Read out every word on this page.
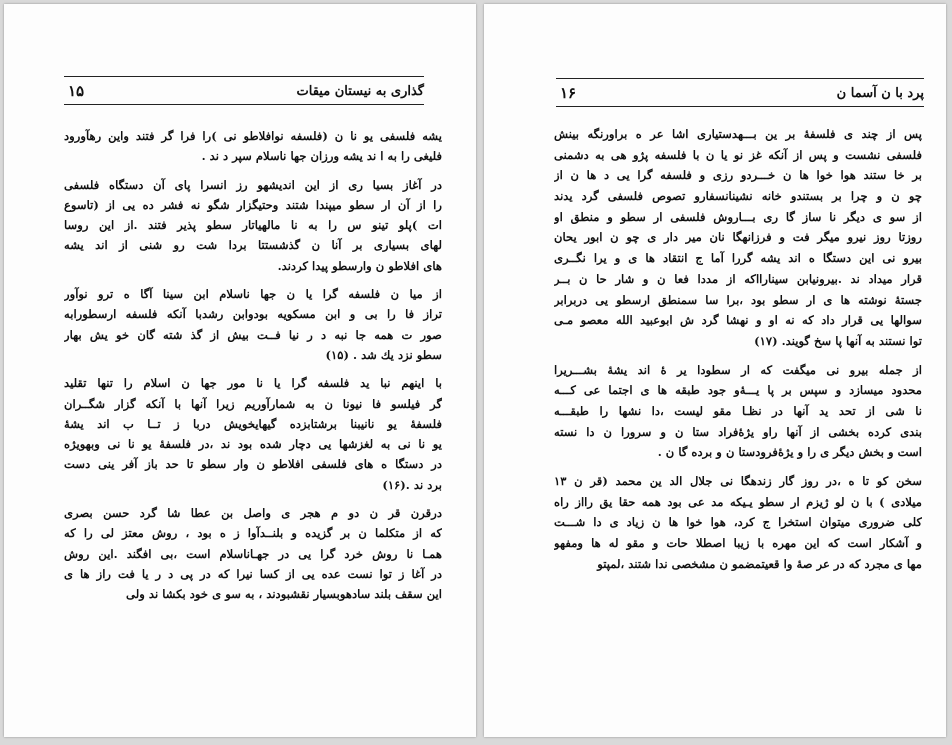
گذاری به نیستان میقات
۱۵
یشه فلسفی یو نا ن (فلسفه نوافلاطو نی )را فرا گر فتند واین رهآورود
فلیغی را به ا ند یشه ورزان جها ناسلام سپر د ند .
در آغاز بسیا ری از این اندیشهو رز انسرا پای آن دستگاه فلسفی
را از آن ار سطو میپندا شتند وحتیگزار شگو نه فشر ده یی از (تاسوع
ات )پلو تینو س را به نا مالهیاتار سطو پذیر فتند .از این روسا
لهای بسیاری بر آنا ن گذشستتا بردا شت رو شنی از اند یشه
های افلاطو ن وارسطو پیدا کردند.
از میا ن فلسفه گرا یا ن جها ناسلام ابن سینا آگا ه ترو نوآور
تراز فا را بی و ابن مسکویه بودوابن رشدبا آنکه فلسفه ارسطورابه
صور ت همه جا نبه د ر نیا فــت بیش از گذ شته گان خو یش بهار
سطو نزد یك شد . (۱۵)
با اینهم نبا ید فلسفه گرا یا نا مور جها ن اسلام را تنها تقلید
گر فیلسو فا نیونا ن به شمارآوریم زیرا آنها با آنکه گزار شگــران
فلسفۀ یو نانیبنا برشتابزده گیهایخویش دربا ز تــا ب اند یشۀ
یو نا نی به لغزشها یی دچار شده بود ند ،در فلسفۀ یو نا نی وبهویژه
در دستگا ه های فلسفی افلاطو ن وار سطو تا حد باز آفر ینی دست
برد ند .(۱۶)
درقرن قر ن دو م هجر ی واصل بن عطا شا گرد حسن بصری
که از متکلما ن بر گزیده و بلنــدآوا ز ه بود ، روش معتز لی را که
همـا نا روش خرد گرا یی در جهـاناسلام است ،بی افگند .این روش
در آغا ز توا نست عده یی از کسا نیرا که در پی د ر یا فت راز ها ی
این سقف بلند سادهوبسیار نقشبودند ، به سو ی خود بکشا ند ولی
پرد با ن آسما ن
۱۶
پس از چند ی فلسفۀ بر ین بـــهدستیاری اشا عر ه براورنگه بینش
فلسفی نشست و پس از آنکه غز نو یا ن با فلسفه پژو هی به دشمنی
بر خا ستند هوا خوا ها ن خـــردو رزی و فلسفه گرا یی د ها ن از
چو ن و چرا بر بستندو خانه نشینانسفارو تصوص فلسفی گرد یدند
از سو ی دیگر نا ساز گا ری بـــاروش فلسفی ار سطو و منطق او
روزتا روز نیرو میگر فت و فرزانهگا نان میر دار ی چو ن ابور یحان
بیرو نی این دستگا ه اند یشه گررا آما ج انتقاد ها ی و یرا نگــری
قرار میداد ند .بیرونیابن سینارااکه از مددا فعا ن و شار حا ن بــر
جستۀ نوشته ها ی ار سطو بود ،برا سا سمنطق ارسطو یی دربرابر
سوالها یی قرار داد که نه او و نهشا گرد ش ابوعبید الله معصو مـی
توا نستند به آنها پا سخ گویند. (۱۷)
از جمله بیرو نی میگفت که ار سطودا یر ۀ اند یشۀ بشـــریرا
محدود میسازد و سپس بر پا یـــۀو جود طبقه ها ی اجتما عی کـــه
نا شی از تحد ید آنها در نظـا مقو لیست ،دا نشها را طبقـــه
بندی کرده بخشی از آنها راو یژۀفراد ستا ن و سرورا ن دا نسته
است و بخش دیگر ی را و یژۀفرودستا ن و برده گا ن .
سخن کو تا ه ،در روز گار زندهگا نی جلال الد ین محمد (قر ن ۱۳
میلادی ) با ن لو ژیزم ار سطو یـیکه مد عی بود همه حقا یق رااز راه
کلی ضروری میتوان استخرا ج کرد، هوا خوا ها ن زیاد ی دا شـــت
و آشکار است که این مهره با زیبا اصطلا حات و مقو له ها ومفهو
مها ی مجرد که در عر صۀ وا قعیتمضمو ن مشخصی ندا شتند ،لمپتو
